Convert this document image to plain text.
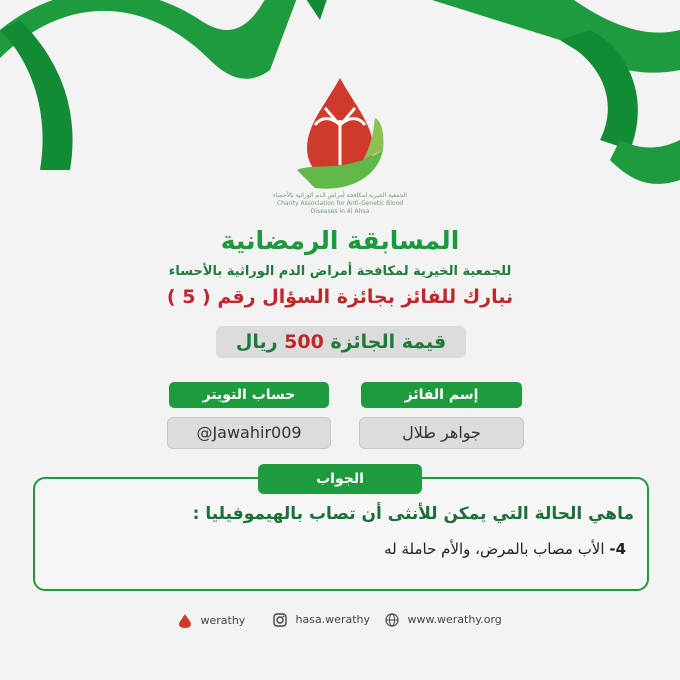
الجمعية الخيرية لمكافحة أمراض الدم الوراثية بالأحساء
Charity Association for Anti-Genetic Blood Diseases in Al Ahsa
المسابقة الرمضانية
للجمعية الخيرية لمكافحة أمراض الدم الوراثية بالأحساء
نبارك للفائز بجائزة السؤال رقم ( 5 )
قيمة الجائزة 500 ريال
إسم الفائز
جواهر طلال
حساب التويتر
@Jawahir009
الجواب
ماهي الحالة التي يمكن للأنثى أن تصاب بالهيموفيليا :
4- الأب مصاب بالمرض، والأم حاملة له
werathy	hasa.werathy	www.werathy.org
